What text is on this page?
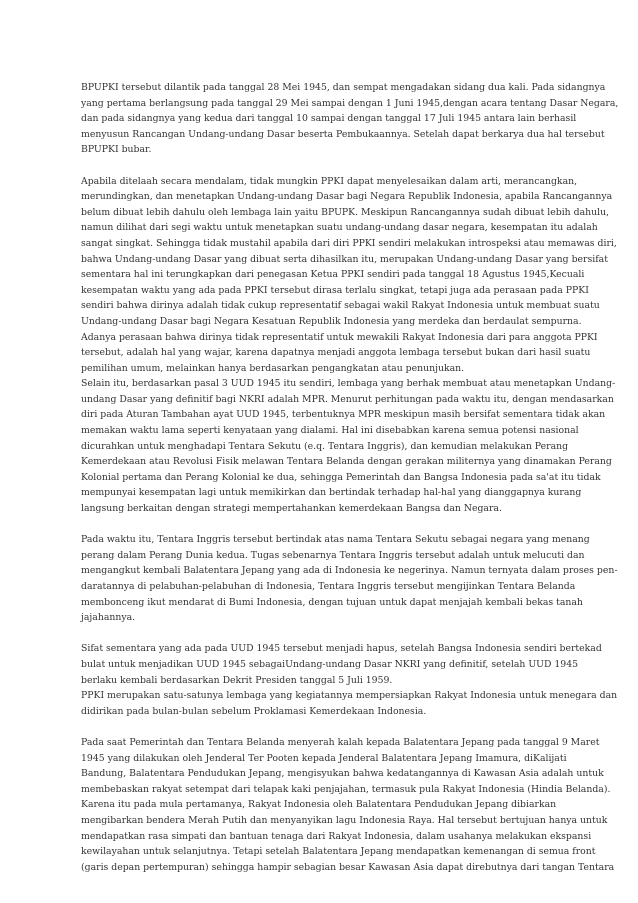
BPUPKI tersebut dilantik pada tanggal 28 Mei 1945, dan sempat mengadakan sidang dua kali. Pada sidangnya
yang pertama berlangsung pada tanggal 29 Mei sampai dengan 1 Juni 1945,dengan acara tentang Dasar Negara,
dan pada sidangnya yang kedua dari tanggal 10 sampai dengan tanggal 17 Juli 1945 antara lain berhasil
menyusun Rancangan Undang-undang Dasar beserta Pembukaannya. Setelah dapat berkarya dua hal tersebut
BPUPKI bubar.
Apabila ditelaah secara mendalam, tidak mungkin PPKI dapat menyelesaikan dalam arti, merancangkan,
merundingkan, dan menetapkan Undang-undang Dasar bagi Negara Republik Indonesia, apabila Rancangannya
belum dibuat lebih dahulu oleh lembaga lain yaitu BPUPK. Meskipun Rancangannya sudah dibuat lebih dahulu,
namun dilihat dari segi waktu untuk menetapkan suatu undang-undang dasar negara, kesempatan itu adalah
sangat singkat. Sehingga tidak mustahil apabila dari diri PPKI sendiri melakukan introspeksi atau memawas diri,
bahwa Undang-undang Dasar yang dibuat serta dihasilkan itu, merupakan Undang-undang Dasar yang bersifat
sementara hal ini terungkapkan dari penegasan Ketua PPKI sendiri pada tanggal 18 Agustus 1945,Kecuali
kesempatan waktu yang ada pada PPKI tersebut dirasa terlalu singkat, tetapi juga ada perasaan pada PPKI
sendiri bahwa dirinya adalah tidak cukup representatif sebagai wakil Rakyat Indonesia untuk membuat suatu
Undang-undang Dasar bagi Negara Kesatuan Republik Indonesia yang merdeka dan berdaulat sempurna.
Adanya perasaan bahwa dirinya tidak representatif untuk mewakili Rakyat Indonesia dari para anggota PPKI
tersebut, adalah hal yang wajar, karena dapatnya menjadi anggota lembaga tersebut bukan dari hasil suatu
pemilihan umum, melainkan hanya berdasarkan pengangkatan atau penunjukan.
Selain itu, berdasarkan pasal 3 UUD 1945 itu sendiri, lembaga yang berhak membuat atau menetapkan Undang-
undang Dasar yang definitif bagi NKRI adalah MPR. Menurut perhitungan pada waktu itu, dengan mendasarkan
diri pada Aturan Tambahan ayat UUD 1945, terbentuknya MPR meskipun masih bersifat sementara tidak akan
memakan waktu lama seperti kenyataan yang dialami. Hal ini disebabkan karena semua potensi nasional
dicurahkan untuk menghadapi Tentara Sekutu (e.q. Tentara Inggris), dan kemudian melakukan Perang
Kemerdekaan atau Revolusi Fisik melawan Tentara Belanda dengan gerakan militernya yang dinamakan Perang
Kolonial pertama dan Perang Kolonial ke dua, sehingga Pemerintah dan Bangsa Indonesia pada sa'at itu tidak
mempunyai kesempatan lagi untuk memikirkan dan bertindak terhadap hal-hal yang dianggapnya kurang
langsung berkaitan dengan strategi mempertahankan kemerdekaan Bangsa dan Negara.
Pada waktu itu, Tentara Inggris tersebut bertindak atas nama Tentara Sekutu sebagai negara yang menang
perang dalam Perang Dunia kedua. Tugas sebenarnya Tentara Inggris tersebut adalah untuk melucuti dan
mengangkut kembali Balatentara Jepang yang ada di Indonesia ke negerinya. Namun ternyata dalam proses pen-
daratannya di pelabuhan-pelabuhan di Indonesia, Tentara Inggris tersebut mengijinkan Tentara Belanda
membonceng ikut mendarat di Bumi Indonesia, dengan tujuan untuk dapat menjajah kembali bekas tanah
jajahannya.
Sifat sementara yang ada pada UUD 1945 tersebut menjadi hapus, setelah Bangsa Indonesia sendiri bertekad
bulat untuk menjadikan UUD 1945 sebagaiUndang-undang Dasar NKRI yang definitif, setelah UUD 1945
berlaku kembali berdasarkan Dekrit Presiden tanggal 5 Juli 1959.
PPKI merupakan satu-satunya lembaga yang kegiatannya mempersiapkan Rakyat Indonesia untuk menegara dan
didirikan pada bulan-bulan sebelum Proklamasi Kemerdekaan Indonesia.
Pada saat Pemerintah dan Tentara Belanda menyerah kalah kepada Balatentara Jepang pada tanggal 9 Maret
1945 yang dilakukan oleh Jenderal Ter Pooten kepada Jenderal Balatentara Jepang Imamura, diKalijati
Bandung, Balatentara Pendudukan Jepang, mengisyukan bahwa kedatangannya di Kawasan Asia adalah untuk
membebaskan rakyat setempat dari telapak kaki penjajahan, termasuk pula Rakyat Indonesia (Hindia Belanda).
Karena itu pada mula pertamanya, Rakyat Indonesia oleh Balatentara Pendudukan Jepang dibiarkan
mengibarkan bendera Merah Putih dan menyanyikan lagu Indonesia Raya. Hal tersebut bertujuan hanya untuk
mendapatkan rasa simpati dan bantuan tenaga dari Rakyat Indonesia, dalam usahanya melakukan ekspansi
kewilayahan untuk selanjutnya. Tetapi setelah Balatentara Jepang mendapatkan kemenangan di semua front
(garis depan pertempuran) sehingga hampir sebagian besar Kawasan Asia dapat direbutnya dari tangan Tentara
